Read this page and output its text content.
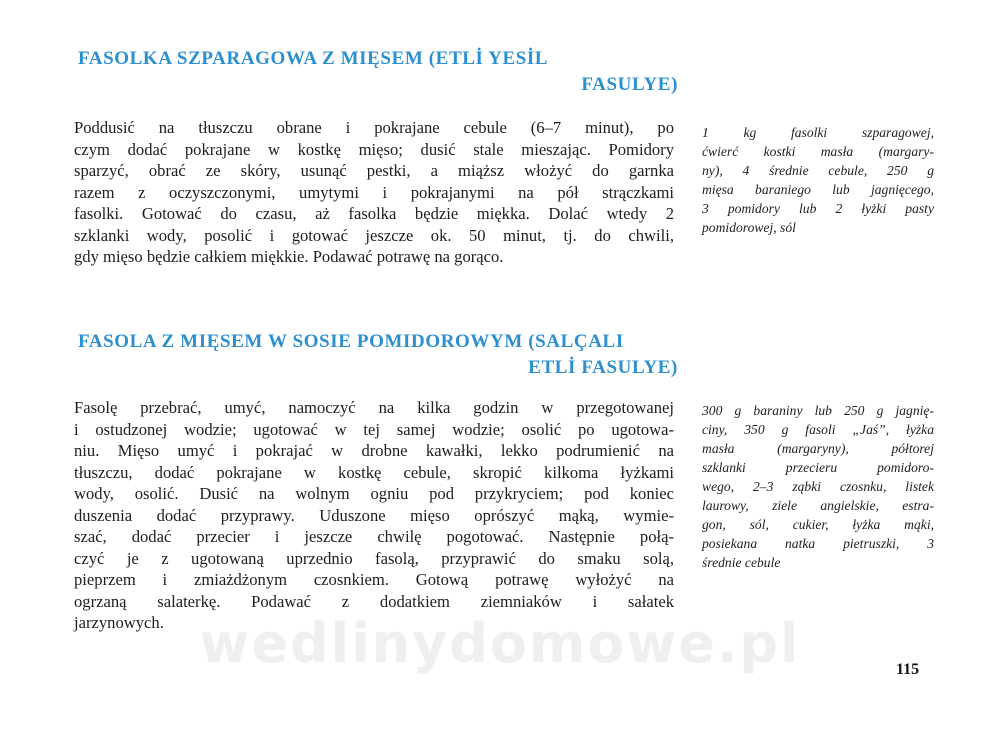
FASOLKA SZPARAGOWA Z MIĘSEM (ETLİ YESİL
FASULYE)
Poddusić na tłuszczu obrane i pokrajane cebule (6–7 minut), po
czym dodać pokrajane w kostkę mięso; dusić stale mieszając. Pomidory
sparzyć, obrać ze skóry, usunąć pestki, a miąższ włożyć do garnka
razem z oczyszczonymi, umytymi i pokrajanymi na pół strączkami
fasolki. Gotować do czasu, aż fasolka będzie miękka. Dolać wtedy 2
szklanki wody, posolić i gotować jeszcze ok. 50 minut, tj. do chwili,
gdy mięso będzie całkiem miękkie. Podawać potrawę na gorąco.
1 kg fasolki szparagowej,
ćwierć kostki masła (margary-
ny), 4 średnie cebule, 250 g
mięsa baraniego lub jagnięcego,
3 pomidory lub 2 łyżki pasty
pomidorowej, sól
FASOLA Z MIĘSEM W SOSIE POMIDOROWYM (SALÇALI
ETLİ FASULYE)
Fasolę przebrać, umyć, namoczyć na kilka godzin w przegotowanej
i ostudzonej wodzie; ugotować w tej samej wodzie; osolić po ugotowa-
niu. Mięso umyć i pokrajać w drobne kawałki, lekko podrumienić na
tłuszczu, dodać pokrajane w kostkę cebule, skropić kilkoma łyżkami
wody, osolić. Dusić na wolnym ogniu pod przykryciem; pod koniec
duszenia dodać przyprawy. Uduszone mięso oprószyć mąką, wymie-
szać, dodać przecier i jeszcze chwilę pogotować. Następnie połą-
czyć je z ugotowaną uprzednio fasolą, przyprawić do smaku solą,
pieprzem i zmiażdżonym czosnkiem. Gotową potrawę wyłożyć na
ogrzaną salaterkę. Podawać z dodatkiem ziemniaków i sałatek
jarzynowych.
300 g baraniny lub 250 g jagnię-
ciny, 350 g fasoli „Jaś”, łyżka
masła (margaryny), półtorej
szklanki przecieru pomidoro-
wego, 2–3 ząbki czosnku, listek
laurowy, ziele angielskie, estra-
gon, sól, cukier, łyżka mąki,
posiekana natka pietruszki, 3
średnie cebule
wedlinydomowe.pl	115
